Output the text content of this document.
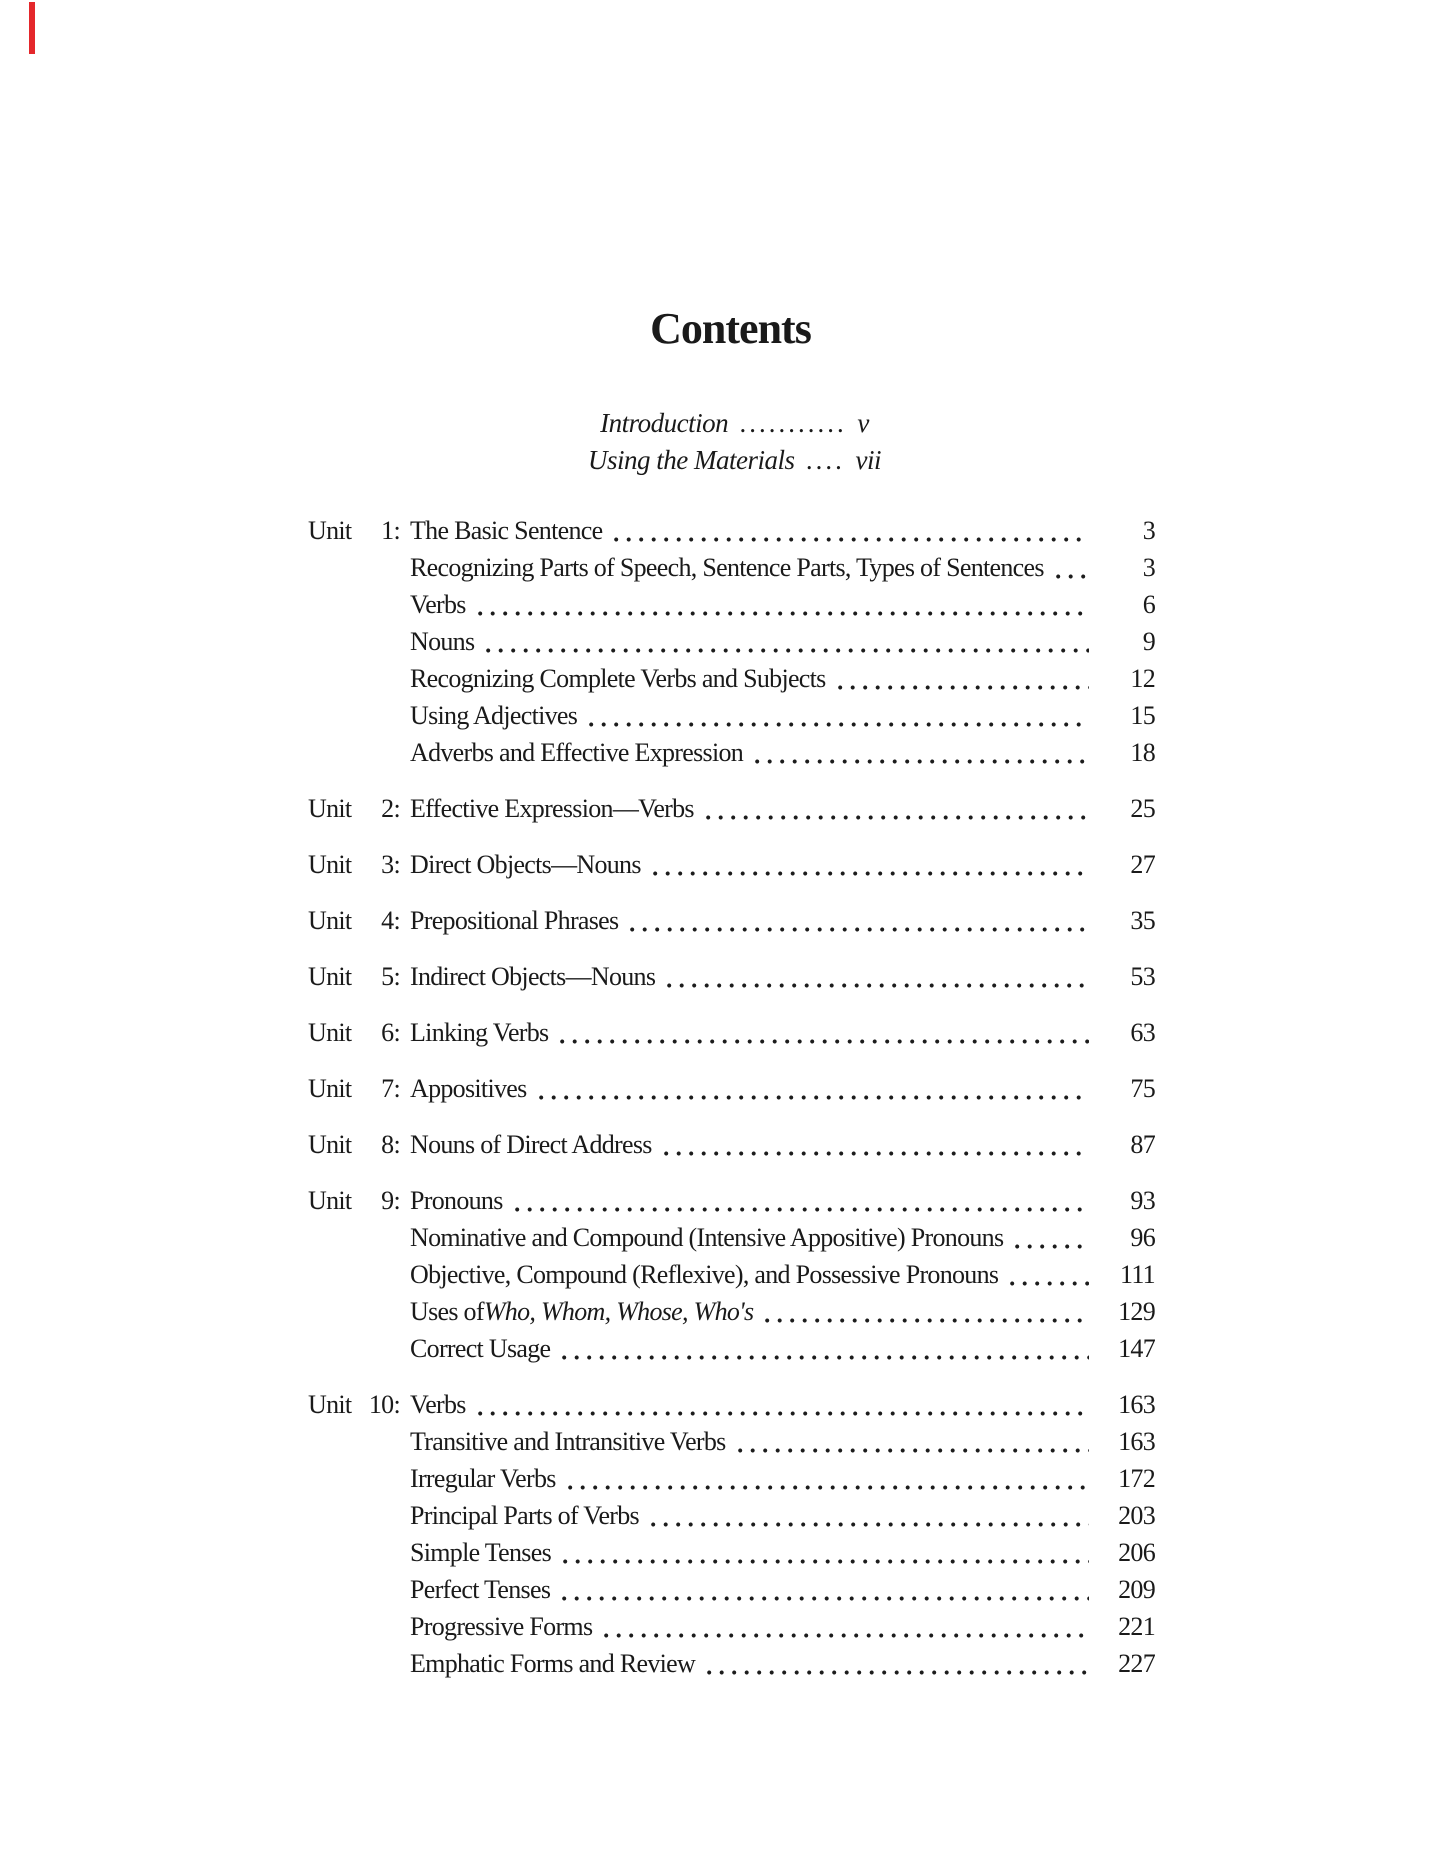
Contents
Introduction ........... v
Using the Materials .... vii
Unit 1: The Basic Sentence	3
Recognizing Parts of Speech, Sentence Parts, Types of Sentences	3
Verbs	6
Nouns	9
Recognizing Complete Verbs and Subjects	12
Using Adjectives	15
Adverbs and Effective Expression	18
Unit 2: Effective Expression—Verbs	25
Unit 3: Direct Objects—Nouns	27
Unit 4: Prepositional Phrases	35
Unit 5: Indirect Objects—Nouns	53
Unit 6: Linking Verbs	63
Unit 7: Appositives	75
Unit 8: Nouns of Direct Address	87
Unit 9: Pronouns	93
Nominative and Compound (Intensive Appositive) Pronouns	96
Objective, Compound (Reflexive), and Possessive Pronouns	111
Uses of Who, Whom, Whose, Who's	129
Correct Usage	147
Unit 10: Verbs	163
Transitive and Intransitive Verbs	163
Irregular Verbs	172
Principal Parts of Verbs	203
Simple Tenses	206
Perfect Tenses	209
Progressive Forms	221
Emphatic Forms and Review	227
